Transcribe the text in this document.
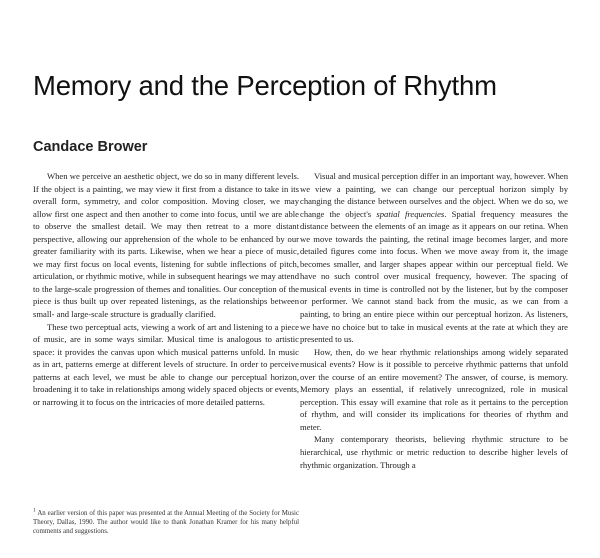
Memory and the Perception of Rhythm
Candace Brower

When we perceive an aesthetic object, we do so in many different levels. If the object is a painting, we may view it first from a distance to take in its overall form, symmetry, and color composition. Moving closer, we may allow first one aspect and then another to come into focus, until we are able to observe the smallest detail. We may then retreat to a more distant perspective, allowing our apprehension of the whole to be enhanced by our greater familiarity with its parts. Likewise, when we hear a piece of music, we may first focus on local events, listening for subtle inflections of pitch, articulation, or rhythmic motive, while in subsequent hearings we may attend to the large-scale progression of themes and tonalities. Our conception of the piece is thus built up over repeated listenings, as the relationships between small- and large-scale structure is gradually clarified.

These two perceptual acts, viewing a work of art and listening to a piece of music, are in some ways similar. Musical time is analogous to artistic space: it provides the canvas upon which musical patterns unfold. In music as in art, patterns emerge at different levels of structure. In order to perceive patterns at each level, we must be able to change our perceptual horizon, broadening it to take in relationships among widely spaced objects or events, or narrowing it to focus on the intricacies of more detailed patterns.

Visual and musical perception differ in an important way, however. When we view a painting, we can change our perceptual horizon simply by changing the distance between ourselves and the object. When we do so, we change the object's spatial frequencies. Spatial frequency measures the distance between the elements of an image as it appears on our retina. When we move towards the painting, the retinal image becomes larger, and more detailed figures come into focus. When we move away from it, the image becomes smaller, and larger shapes appear within our perceptual field. We have no such control over musical frequency, however. The spacing of musical events in time is controlled not by the listener, but by the composer or performer. We cannot stand back from the music, as we can from a painting, to bring an entire piece within our perceptual horizon. As listeners, we have no choice but to take in musical events at the rate at which they are presented to us.

How, then, do we hear rhythmic relationships among widely separated musical events? How is it possible to perceive rhythmic patterns that unfold over the course of an entire movement? The answer, of course, is memory. Memory plays an essential, if relatively unrecognized, role in musical perception. This essay will examine that role as it pertains to the perception of rhythm, and will consider its implications for theories of rhythm and meter.

Many contemporary theorists, believing rhythmic structure to be hierarchical, use rhythmic or metric reduction to describe higher levels of rhythmic organization. Through a

$^1$ An earlier version of this paper was presented at the Annual Meeting of the Society for Music Theory, Dallas, 1990. The author would like to thank Jonathan Kramer for his many helpful comments and suggestions.
